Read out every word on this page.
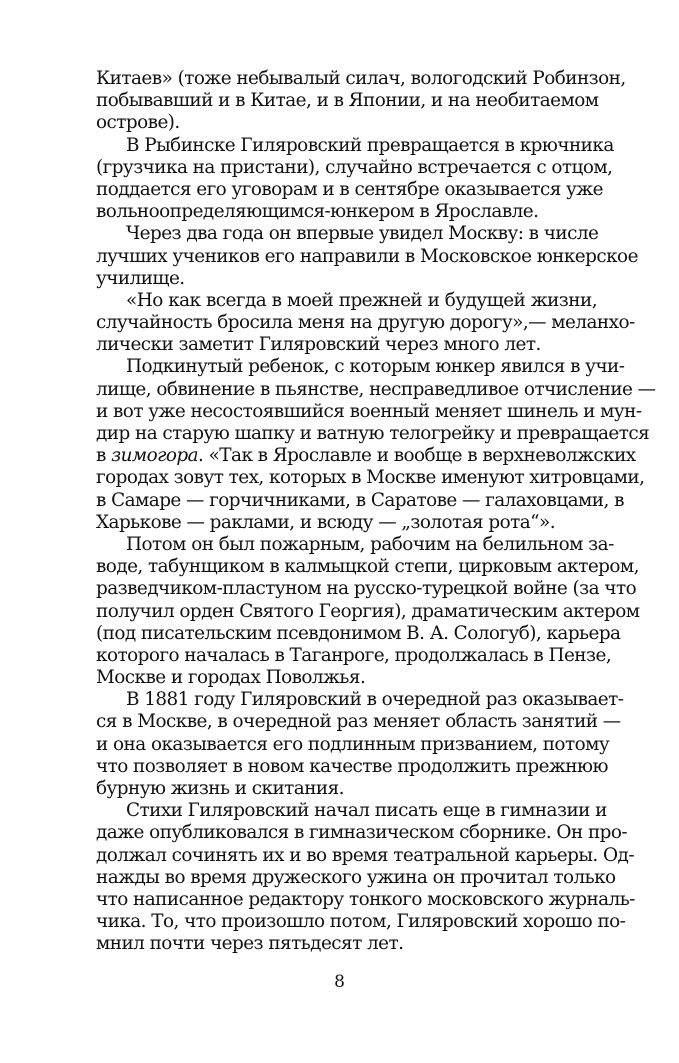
Китаев» (тоже небывалый силач, вологодский Робинзон,
побывавший и в Китае, и в Японии, и на необитаемом
острове).
В Рыбинске Гиляровский превращается в крючника
(грузчика на пристани), случайно встречается с отцом,
поддается его уговорам и в сентябре оказывается уже
вольноопределяющимся-юнкером в Ярославле.
Через два года он впервые увидел Москву: в числе
лучших учеников его направили в Московское юнкерское
училище.
«Но как всегда в моей прежней и будущей жизни,
случайность бросила меня на другую дорогу»,— меланхо-
лически заметит Гиляровский через много лет.
Подкинутый ребенок, с которым юнкер явился в учи-
лище, обвинение в пьянстве, несправедливое отчисление —
и вот уже несостоявшийся военный меняет шинель и мун-
дир на старую шапку и ватную телогрейку и превращается
в зимогора. «Так в Ярославле и вообще в верхневолжских
городах зовут тех, которых в Москве именуют хитровцами,
в Самаре — горчичниками, в Саратове — галаховцами, в
Харькове — раклами, и всюду — „золотая рота“».
Потом он был пожарным, рабочим на белильном за-
воде, табунщиком в калмыцкой степи, цирковым актером,
разведчиком-пластуном на русско-турецкой войне (за что
получил орден Святого Георгия), драматическим актером
(под писательским псевдонимом В. А. Сологуб), карьера
которого началась в Таганроге, продолжалась в Пензе,
Москве и городах Поволжья.
В 1881 году Гиляровский в очередной раз оказывает-
ся в Москве, в очередной раз меняет область занятий —
и она оказывается его подлинным призванием, потому
что позволяет в новом качестве продолжить прежнюю
бурную жизнь и скитания.
Стихи Гиляровский начал писать еще в гимназии и
даже опубликовался в гимназическом сборнике. Он про-
должал сочинять их и во время театральной карьеры. Од-
нажды во время дружеского ужина он прочитал только
что написанное редактору тонкого московского журналь-
чика. То, что произошло потом, Гиляровский хорошо по-
мнил почти через пятьдесят лет.
8
